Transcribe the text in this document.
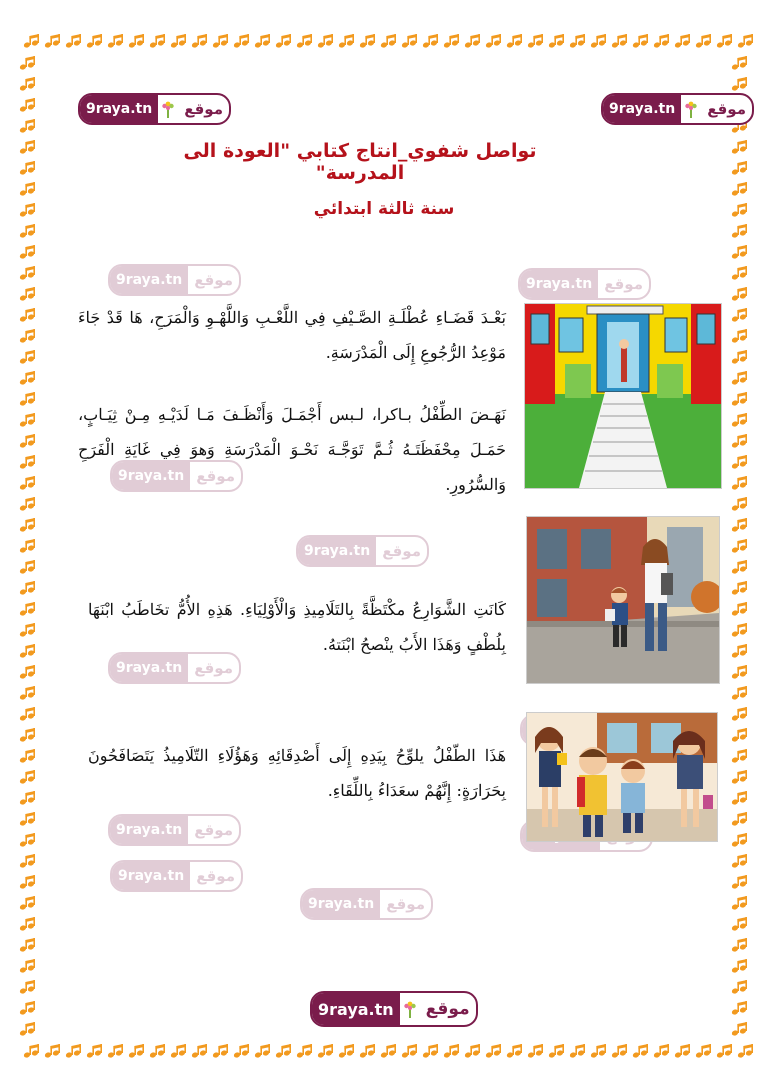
9raya.tn	موقع	9raya.tn	موقع
تواصل شفوي_انتاج كتابي "العودة الى المدرسة"
سنة ثالثة ابتدائي
9raya.tn موقع	9raya.tn موقع
9raya.tn موقع
9raya.tn موقع
9raya.tn موقع
9raya.tn موقع
9raya.tn موقع
9raya.tn موقع
بَعْـدَ قَضَـاءِ عُطْلَـةِ الصَّـيْفِ فِي اللَّعْـبِ وَاللَّهْـوِ وَالْمَرَحِ، هَا قَدْ جَاءَ مَوْعِدُ الرُّجُوعِ إِلَى الْمَدْرَسَةِ.
نَهَـضَ الطِّفْلُ بـاكرا، لـبس أَجْمَـلَ وَأَنْظَـفَ مَـا لَدَيْـهِ مِـنْ ثِيَـابٍ، حَمَـلَ مِحْفَظَتَـهُ ثُـمَّ تَوَجَّـهَ نَحْـوَ الْمَدْرَسَةِ وَهوَ فِي غَايَةِ الْفَرَحِ وَالسُّرُورِ.
كَانَتِ الشَّوَارِعُ مكْتَظَّةً بِالتَلَامِيذِ وَالْأَوْلِيَاءِ. هَذِهِ الأُمُّ تخَاطَبُ ابْنَهَا بِلُطْفٍ وَهَذَا الأَبُ ينْصحُ ابْنَتهُ.
هَذَا الطّفْلُ يلوِّحُ بِيَدِهِ إِلَى أَصْدِقَائِهِ وَهَؤُلَاءِ التّلَامِيذُ يَتَصَافَحُونَ بِحَرَارَةٍ: إِنَّهُمْ سعَدَاءُ بِاللِّقَاءِ.
9raya.tn	موقع
